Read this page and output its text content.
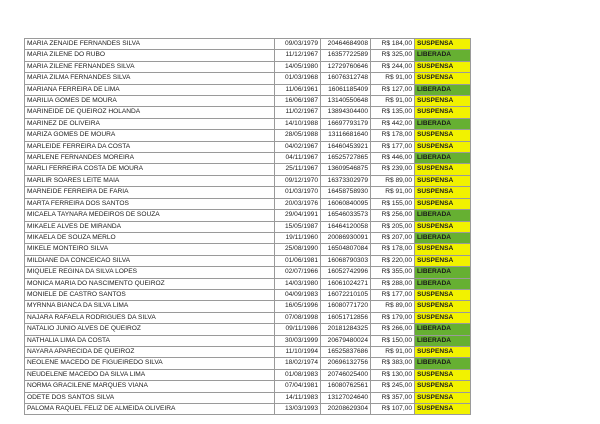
MARIA ZENAIDE FERNANDES SILVA	09/03/1979	20464684908	R$ 184,00	SUSPENSA
MARIA ZILENE DO RUBO	11/12/1967	16357722589	R$ 325,00	LIBERADA
MARIA ZILENE FERNANDES SILVA	14/05/1980	12729760646	R$ 244,00	SUSPENSA
MARIA ZILMA FERNANDES SILVA	01/03/1968	16076312748	R$ 91,00	SUSPENSA
MARIANA FERREIRA DE LIMA	11/06/1961	16061185409	R$ 127,00	LIBERADA
MARILIA GOMES DE MOURA	16/06/1987	13140550648	R$ 91,00	SUSPENSA
MARINEIDE DE QUEIROZ HOLANDA	11/02/1967	13894304400	R$ 135,00	SUSPENSA
MARINEZ DE OLIVEIRA	14/10/1988	16697793179	R$ 442,00	LIBERADA
MARIZA GOMES DE MOURA	28/05/1988	13116681640	R$ 178,00	SUSPENSA
MARLEIDE FERREIRA DA COSTA	04/02/1967	16460453921	R$ 177,00	SUSPENSA
MARLENE FERNANDES MOREIRA	04/11/1967	16525727865	R$ 446,00	LIBERADA
MARLI FERREIRA COSTA DE MOURA	25/11/1967	13609546875	R$ 239,00	SUSPENSA
MARLIR SOARES LEITE MAIA	09/12/1970	16373302979	R$ 89,00	SUSPENSA
MARNEIDE FERREIRA DE FARIA	01/03/1970	16458758930	R$ 91,00	SUSPENSA
MARTA FERREIRA DOS SANTOS	20/03/1976	16060840095	R$ 155,00	SUSPENSA
MICAELA TAYNARA MEDEIROS DE SOUZA	29/04/1991	16546033573	R$ 256,00	LIBERADA
MIKAELE ALVES DE MIRANDA	15/05/1987	16464120058	R$ 205,00	SUSPENSA
MIKAELA DE SOUZA MERLO	19/11/1960	20086930091	R$ 207,00	LIBERADA
MIKELE MONTEIRO SILVA	25/08/1990	16504807084	R$ 178,00	SUSPENSA
MILDIANE DA CONCEICAO SILVA	01/06/1981	16068790303	R$ 220,00	SUSPENSA
MIQUELE REGINA DA SILVA LOPES	02/07/1966	16052742996	R$ 355,00	LIBERADA
MONICA MARIA DO NASCIMENTO QUEIROZ	14/03/1980	16061024271	R$ 288,00	LIBERADA
MONIELE DE CASTRO SANTOS	04/09/1983	16072210105	R$ 177,00	SUSPENSA
MYRNNA BIANCA DA SILVA LIMA	16/05/1996	16080771720	R$ 89,00	SUSPENSA
NAJARA RAFAELA RODRIGUES DA SILVA	07/08/1998	16051712856	R$ 179,00	SUSPENSA
NATALIO JUNIO ALVES DE QUEIROZ	09/11/1986	20181284325	R$ 266,00	LIBERADA
NATHALIA LIMA DA COSTA	30/03/1999	20679480024	R$ 150,00	LIBERADA
NAYARA APARECIDA DE QUEIROZ	11/10/1994	16525837686	R$ 91,00	SUSPENSA
NEOLENE MACEDO DE FIGUEIREDO SILVA	18/02/1974	20696132756	R$ 383,00	LIBERADA
NEUDELENE MACEDO DA SILVA LIMA	01/08/1983	20746025400	R$ 130,00	SUSPENSA
NORMA GRACILENE MARQUES VIANA	07/04/1981	16080762561	R$ 245,00	SUSPENSA
ODETE DOS SANTOS SILVA	14/11/1983	13127024640	R$ 357,00	SUSPENSA
PALOMA RAQUEL FELIZ DE ALMEIDA OLIVEIRA	13/03/1993	20208629304	R$ 107,00	SUSPENSA
